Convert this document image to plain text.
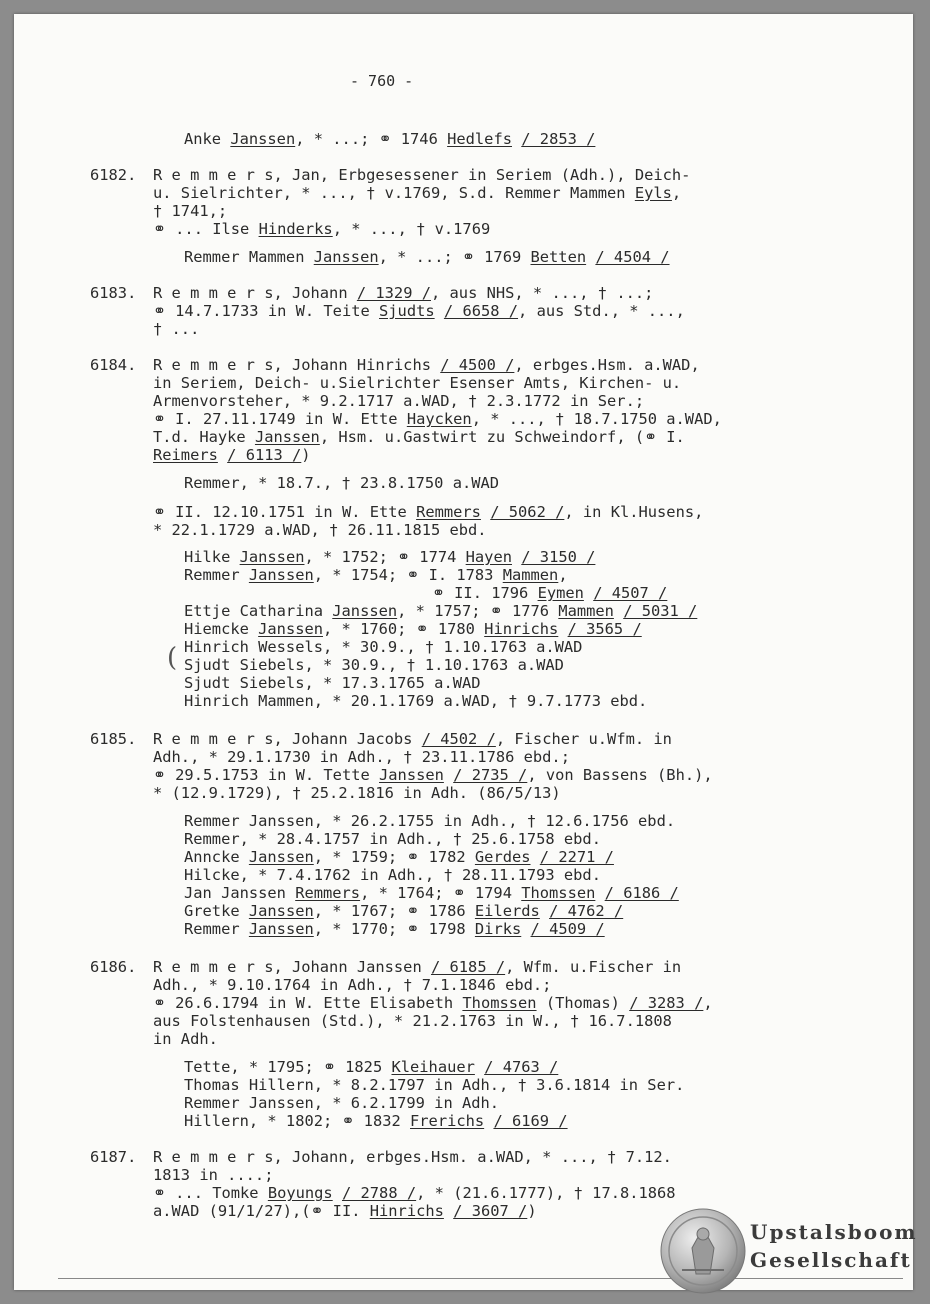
- 760 -
Anke Janssen, * ...; ⚭ 1746 Hedlefs / 2853 /
6182. R e m m e r s, Jan, Erbgesessener in Seriem (Adh.), Deich-
u. Sielrichter, * ..., † v.1769, S.d. Remmer Mammen Eyls,
† 1741,;
⚭ ... Ilse Hinderks, * ..., † v.1769
Remmer Mammen Janssen, * ...; ⚭ 1769 Betten / 4504 /
6183. R e m m e r s, Johann / 1329 /, aus NHS, * ..., † ...;
⚭ 14.7.1733 in W. Teite Sjudts / 6658 /, aus Std., * ...,
† ...
6184. R e m m e r s, Johann Hinrichs / 4500 /, erbges.Hsm. a.WAD,
in Seriem, Deich- u.Sielrichter Esenser Amts, Kirchen- u.
Armenvorsteher, * 9.2.1717 a.WAD, † 2.3.1772 in Ser.;
⚭ I. 27.11.1749 in W. Ette Haycken, * ..., † 18.7.1750 a.WAD,
T.d. Hayke Janssen, Hsm. u.Gastwirt zu Schweindorf, (⚭ I.
Reimers / 6113 /)
Remmer, * 18.7., † 23.8.1750 a.WAD
⚭ II. 12.10.1751 in W. Ette Remmers / 5062 /, in Kl.Husens,
* 22.1.1729 a.WAD, † 26.11.1815 ebd.
Hilke Janssen, * 1752; ⚭ 1774 Hayen / 3150 /
Remmer Janssen, * 1754; ⚭ I. 1783 Mammen,
⚭ II. 1796 Eymen / 4507 /
Ettje Catharina Janssen, * 1757; ⚭ 1776 Mammen / 5031 /
Hiemcke Janssen, * 1760; ⚭ 1780 Hinrichs / 3565 /
Hinrich Wessels, * 30.9., † 1.10.1763 a.WAD
Sjudt Siebels, * 30.9., † 1.10.1763 a.WAD
Sjudt Siebels, * 17.3.1765 a.WAD
Hinrich Mammen, * 20.1.1769 a.WAD, † 9.7.1773 ebd.
6185. R e m m e r s, Johann Jacobs / 4502 /, Fischer u.Wfm. in
Adh., * 29.1.1730 in Adh., † 23.11.1786 ebd.;
⚭ 29.5.1753 in W. Tette Janssen / 2735 /, von Bassens (Bh.),
* (12.9.1729), † 25.2.1816 in Adh. (86/5/13)
Remmer Janssen, * 26.2.1755 in Adh., † 12.6.1756 ebd.
Remmer, * 28.4.1757 in Adh., † 25.6.1758 ebd.
Anncke Janssen, * 1759; ⚭ 1782 Gerdes / 2271 /
Hilcke, * 7.4.1762 in Adh., † 28.11.1793 ebd.
Jan Janssen Remmers, * 1764; ⚭ 1794 Thomssen / 6186 /
Gretke Janssen, * 1767; ⚭ 1786 Eilerds / 4762 /
Remmer Janssen, * 1770; ⚭ 1798 Dirks / 4509 /
6186. R e m m e r s, Johann Janssen / 6185 /, Wfm. u.Fischer in
Adh., * 9.10.1764 in Adh., † 7.1.1846 ebd.;
⚭ 26.6.1794 in W. Ette Elisabeth Thomssen (Thomas) / 3283 /,
aus Folstenhausen (Std.), * 21.2.1763 in W., † 16.7.1808
in Adh.
Tette, * 1795; ⚭ 1825 Kleihauer / 4763 /
Thomas Hillern, * 8.2.1797 in Adh., † 3.6.1814 in Ser.
Remmer Janssen, * 6.2.1799 in Adh.
Hillern, * 1802; ⚭ 1832 Frerichs / 6169 /
6187. R e m m e r s, Johann, erbges.Hsm. a.WAD, * ..., † 7.12.
1813 in ....;
⚭ ... Tomke Boyungs / 2788 /, * (21.6.1777), † 17.8.1868
a.WAD (91/1/27),(⚭ II. Hinrichs / 3607 /)
(
Upstalsboom
Gesellschaft
